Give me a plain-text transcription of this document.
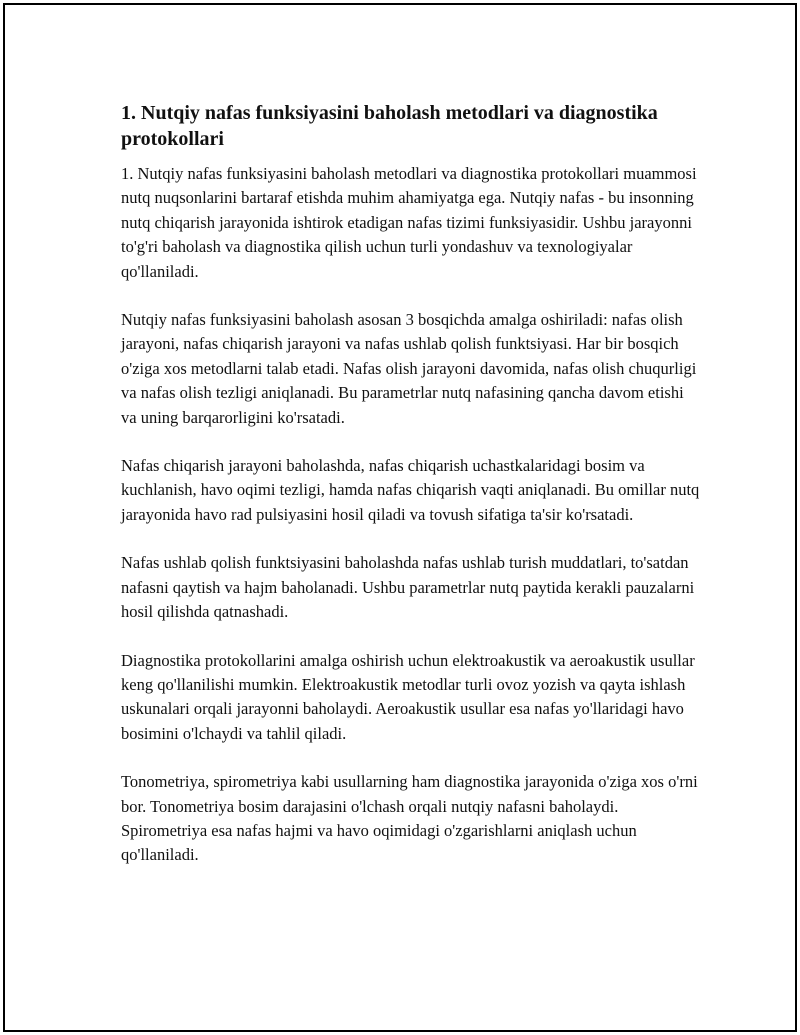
1. Nutqiy nafas funksiyasini baholash metodlari va diagnostika protokollari

1. Nutqiy nafas funksiyasini baholash metodlari va diagnostika protokollari muammosi nutq nuqsonlarini bartaraf etishda muhim ahamiyatga ega. Nutqiy nafas - bu insonning nutq chiqarish jarayonida ishtirok etadigan nafas tizimi funksiyasidir. Ushbu jarayonni to'g'ri baholash va diagnostika qilish uchun turli yondashuv va texnologiyalar qo'llaniladi.

Nutqiy nafas funksiyasini baholash asosan 3 bosqichda amalga oshiriladi: nafas olish jarayoni, nafas chiqarish jarayoni va nafas ushlab qolish funktsiyasi. Har bir bosqich o'ziga xos metodlarni talab etadi. Nafas olish jarayoni davomida, nafas olish chuqurligi va nafas olish tezligi aniqlanadi. Bu parametrlar nutq nafasining qancha davom etishi va uning barqarorligini ko'rsatadi.

Nafas chiqarish jarayoni baholashda, nafas chiqarish uchastkalaridagi bosim va kuchlanish, havo oqimi tezligi, hamda nafas chiqarish vaqti aniqlanadi. Bu omillar nutq jarayonida havo rad pulsiyasini hosil qiladi va tovush sifatiga ta'sir ko'rsatadi.

Nafas ushlab qolish funktsiyasini baholashda nafas ushlab turish muddatlari, to'satdan nafasni qaytish va hajm baholanadi. Ushbu parametrlar nutq paytida kerakli pauzalarni hosil qilishda qatnashadi.

Diagnostika protokollarini amalga oshirish uchun elektroakustik va aeroakustik usullar keng qo'llanilishi mumkin. Elektroakustik metodlar turli ovoz yozish va qayta ishlash uskunalari orqali jarayonni baholaydi. Aeroakustik usullar esa nafas yo'llaridagi havo bosimini o'lchaydi va tahlil qiladi.

Tonometriya, spirometriya kabi usullarning ham diagnostika jarayonida o'ziga xos o'rni bor. Tonometriya bosim darajasini o'lchash orqali nutqiy nafasni baholaydi. Spirometriya esa nafas hajmi va havo oqimidagi o'zgarishlarni aniqlash uchun qo'llaniladi.
